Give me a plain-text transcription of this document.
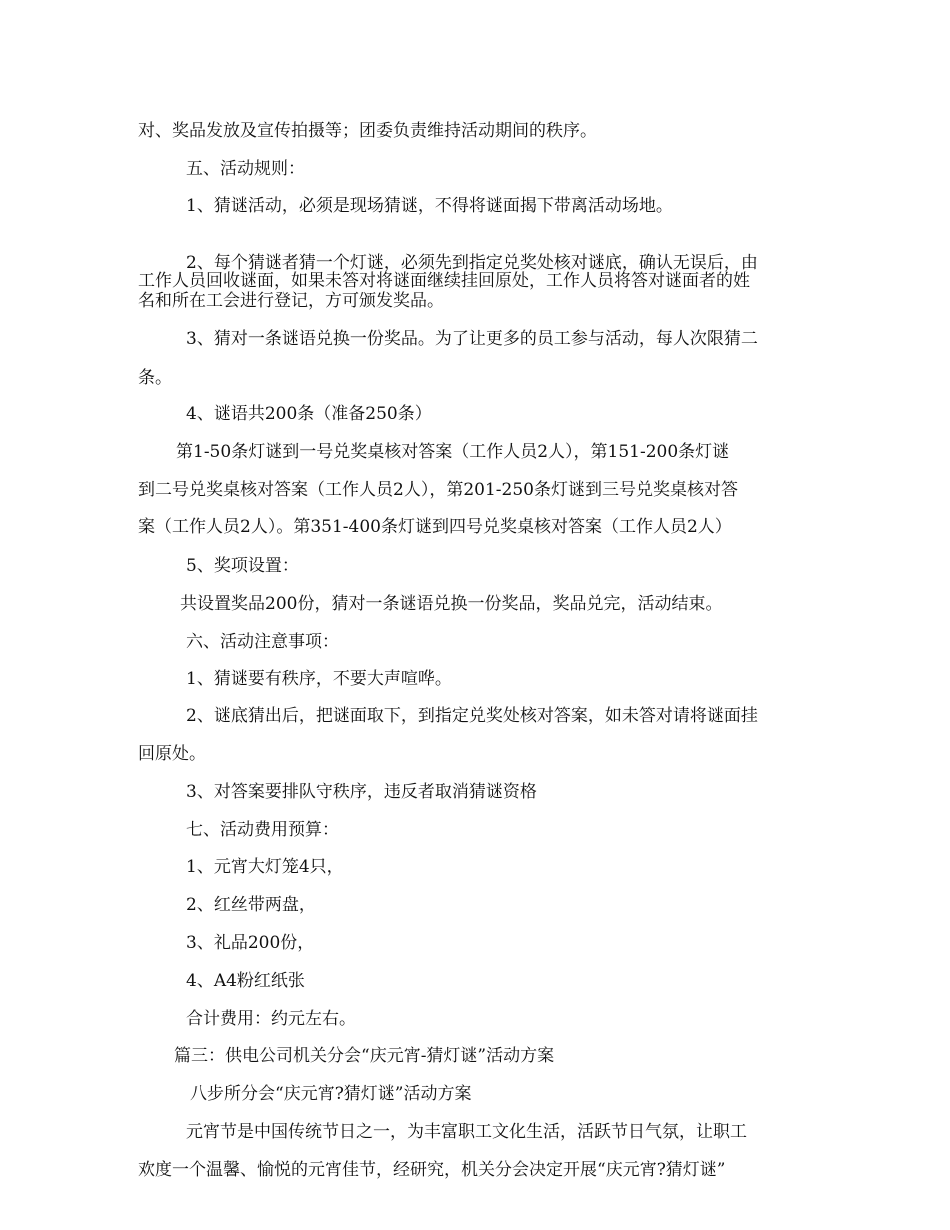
对、奖品发放及宣传拍摄等；团委负责维持活动期间的秩序。
五、活动规则：
1、猜谜活动，必须是现场猜谜，不得将谜面揭下带离活动场地。
2、每个猜谜者猜一个灯谜，必须先到指定兑奖处核对谜底，确认无误后，由
工作人员回收谜面，如果未答对将谜面继续挂回原处，工作人员将答对谜面者的姓
名和所在工会进行登记，方可颁发奖品。
3、猜对一条谜语兑换一份奖品。为了让更多的员工参与活动，每人次限猜二
条。
4、谜语共200条（准备250条）
第1-50条灯谜到一号兑奖桌核对答案（工作人员2人），第151-200条灯谜
到二号兑奖桌核对答案（工作人员2人），第201-250条灯谜到三号兑奖桌核对答
案（工作人员2人）。第351-400条灯谜到四号兑奖桌核对答案（工作人员2人）
5、奖项设置：
共设置奖品200份，猜对一条谜语兑换一份奖品，奖品兑完，活动结束。
六、活动注意事项：
1、猜谜要有秩序，不要大声喧哗。
2、谜底猜出后，把谜面取下，到指定兑奖处核对答案，如未答对请将谜面挂
回原处。
3、对答案要排队守秩序，违反者取消猜谜资格
七、活动费用预算：
1、元宵大灯笼4只，
2、红丝带两盘，
3、礼品200份，
4、A4粉红纸张
合计费用：约元左右。
篇三：供电公司机关分会“庆元宵-猜灯谜”活动方案
八步所分会“庆元宵?猜灯谜”活动方案
元宵节是中国传统节日之一，为丰富职工文化生活，活跃节日气氛，让职工
欢度一个温馨、愉悦的元宵佳节，经研究，机关分会决定开展“庆元宵?猜灯谜”
